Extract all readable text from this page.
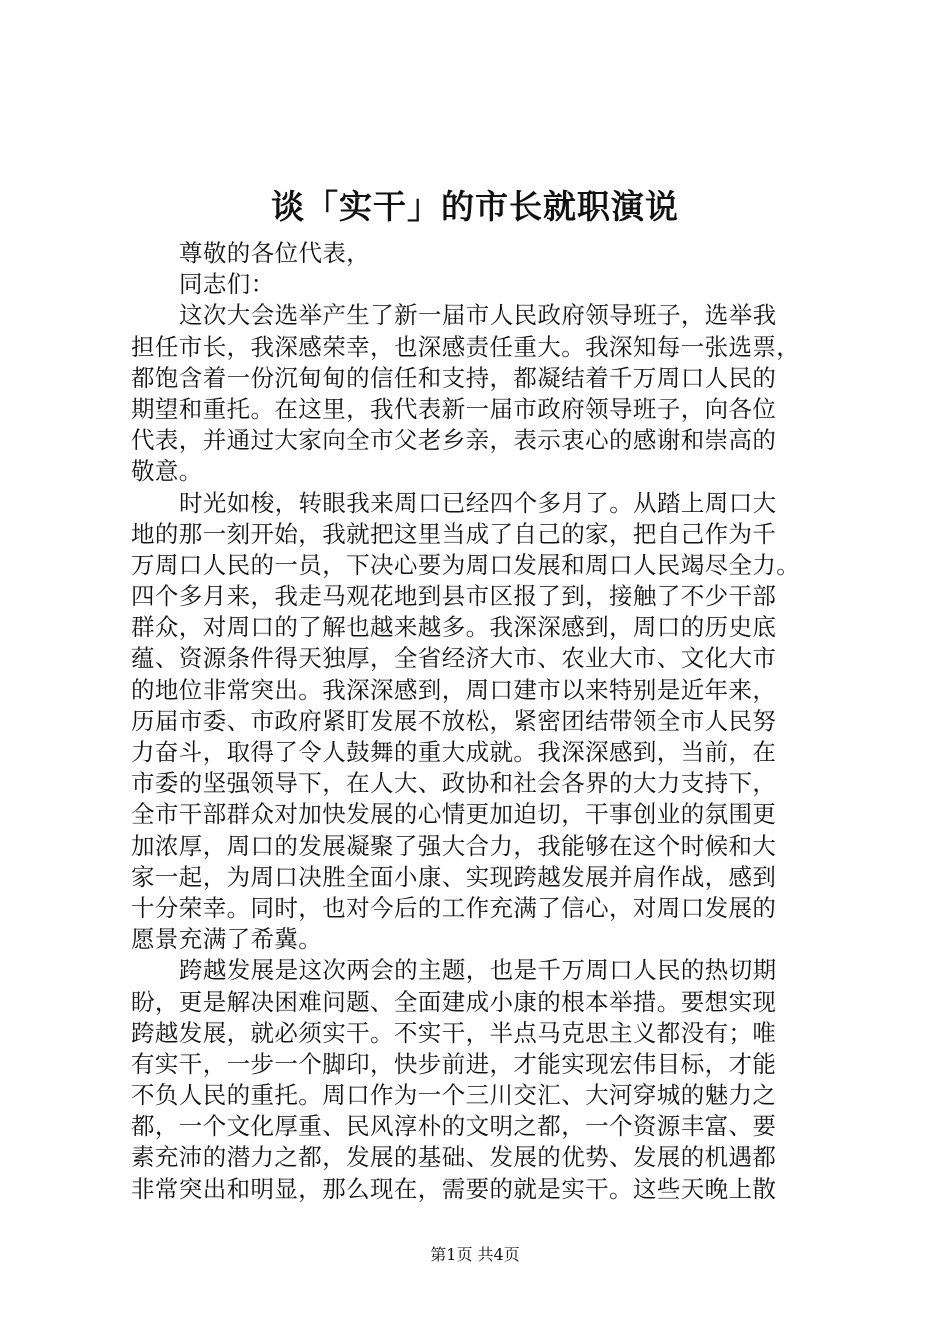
谈「实干」的市长就职演说
尊敬的各位代表，
同志们：
这次大会选举产生了新一届市人民政府领导班子，选举我
担任市长，我深感荣幸，也深感责任重大。我深知每一张选票，
都饱含着一份沉甸甸的信任和支持，都凝结着千万周口人民的
期望和重托。在这里，我代表新一届市政府领导班子，向各位
代表，并通过大家向全市父老乡亲，表示衷心的感谢和崇高的
敬意。
时光如梭，转眼我来周口已经四个多月了。从踏上周口大
地的那一刻开始，我就把这里当成了自己的家，把自己作为千
万周口人民的一员，下决心要为周口发展和周口人民竭尽全力。
四个多月来，我走马观花地到县市区报了到，接触了不少干部
群众，对周口的了解也越来越多。我深深感到，周口的历史底
蕴、资源条件得天独厚，全省经济大市、农业大市、文化大市
的地位非常突出。我深深感到，周口建市以来特别是近年来，
历届市委、市政府紧盯发展不放松，紧密团结带领全市人民努
力奋斗，取得了令人鼓舞的重大成就。我深深感到，当前，在
市委的坚强领导下，在人大、政协和社会各界的大力支持下，
全市干部群众对加快发展的心情更加迫切，干事创业的氛围更
加浓厚，周口的发展凝聚了强大合力，我能够在这个时候和大
家一起，为周口决胜全面小康、实现跨越发展并肩作战，感到
十分荣幸。同时，也对今后的工作充满了信心，对周口发展的
愿景充满了希冀。
跨越发展是这次两会的主题，也是千万周口人民的热切期
盼，更是解决困难问题、全面建成小康的根本举措。要想实现
跨越发展，就必须实干。不实干，半点马克思主义都没有；唯
有实干，一步一个脚印，快步前进，才能实现宏伟目标，才能
不负人民的重托。周口作为一个三川交汇、大河穿城的魅力之
都，一个文化厚重、民风淳朴的文明之都，一个资源丰富、要
素充沛的潜力之都，发展的基础、发展的优势、发展的机遇都
非常突出和明显，那么现在，需要的就是实干。这些天晚上散
第1页 共4页
